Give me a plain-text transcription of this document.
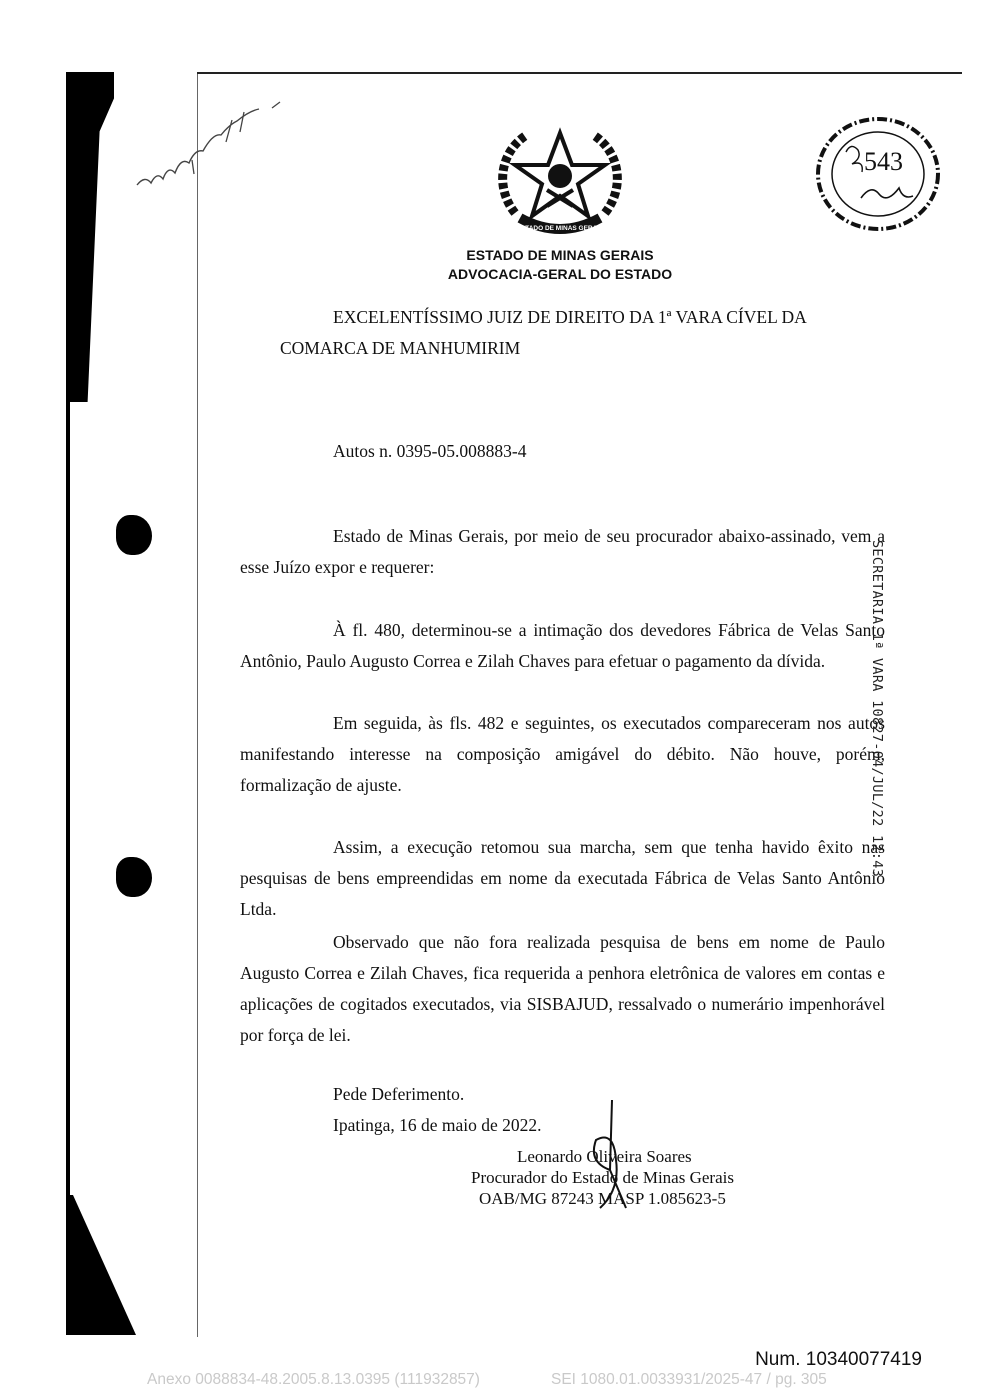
ESTADO DE MINAS GERAIS
ESTADO DE MINAS GERAIS
ADVOCACIA-GERAL DO ESTADO
543
EXCELENTÍSSIMO JUIZ DE DIREITO DA 1ª VARA CÍVEL DA
COMARCA DE MANHUMIRIM
Autos n. 0395-05.008883-4
Estado de Minas Gerais, por meio de seu procurador abaixo-assinado, vem a esse Juízo expor e requerer:
À fl. 480, determinou-se a intimação dos devedores Fábrica de Velas Santo Antônio, Paulo Augusto Correa e Zilah Chaves para efetuar o pagamento da dívida.
Em seguida, às fls. 482 e seguintes, os executados compareceram nos autos manifestando interesse na composição amigável do débito. Não houve, porém, formalização de ajuste.
Assim, a execução retomou sua marcha, sem que tenha havido êxito nas pesquisas de bens empreendidas em nome da executada Fábrica de Velas Santo Antônio Ltda.
Observado que não fora realizada pesquisa de bens em nome de Paulo Augusto Correa e Zilah Chaves, fica requerida a penhora eletrônica de valores em contas e aplicações de cogitados executados, via SISBAJUD, ressalvado o numerário impenhorável por força de lei.
Pede Deferimento.
Ipatinga, 16 de maio de 2022.
Leonardo Oliveira Soares
Procurador do Estado de Minas Gerais
OAB/MG 87243 MASP 1.085623-5
SECRETARIA 1ª VARA 10827-04/JUL/22 12:43
Num. 10340077419
Anexo 0088834-48.2005.8.13.0395 (111932857)	SEI 1080.01.0033931/2025-47 / pg. 305
